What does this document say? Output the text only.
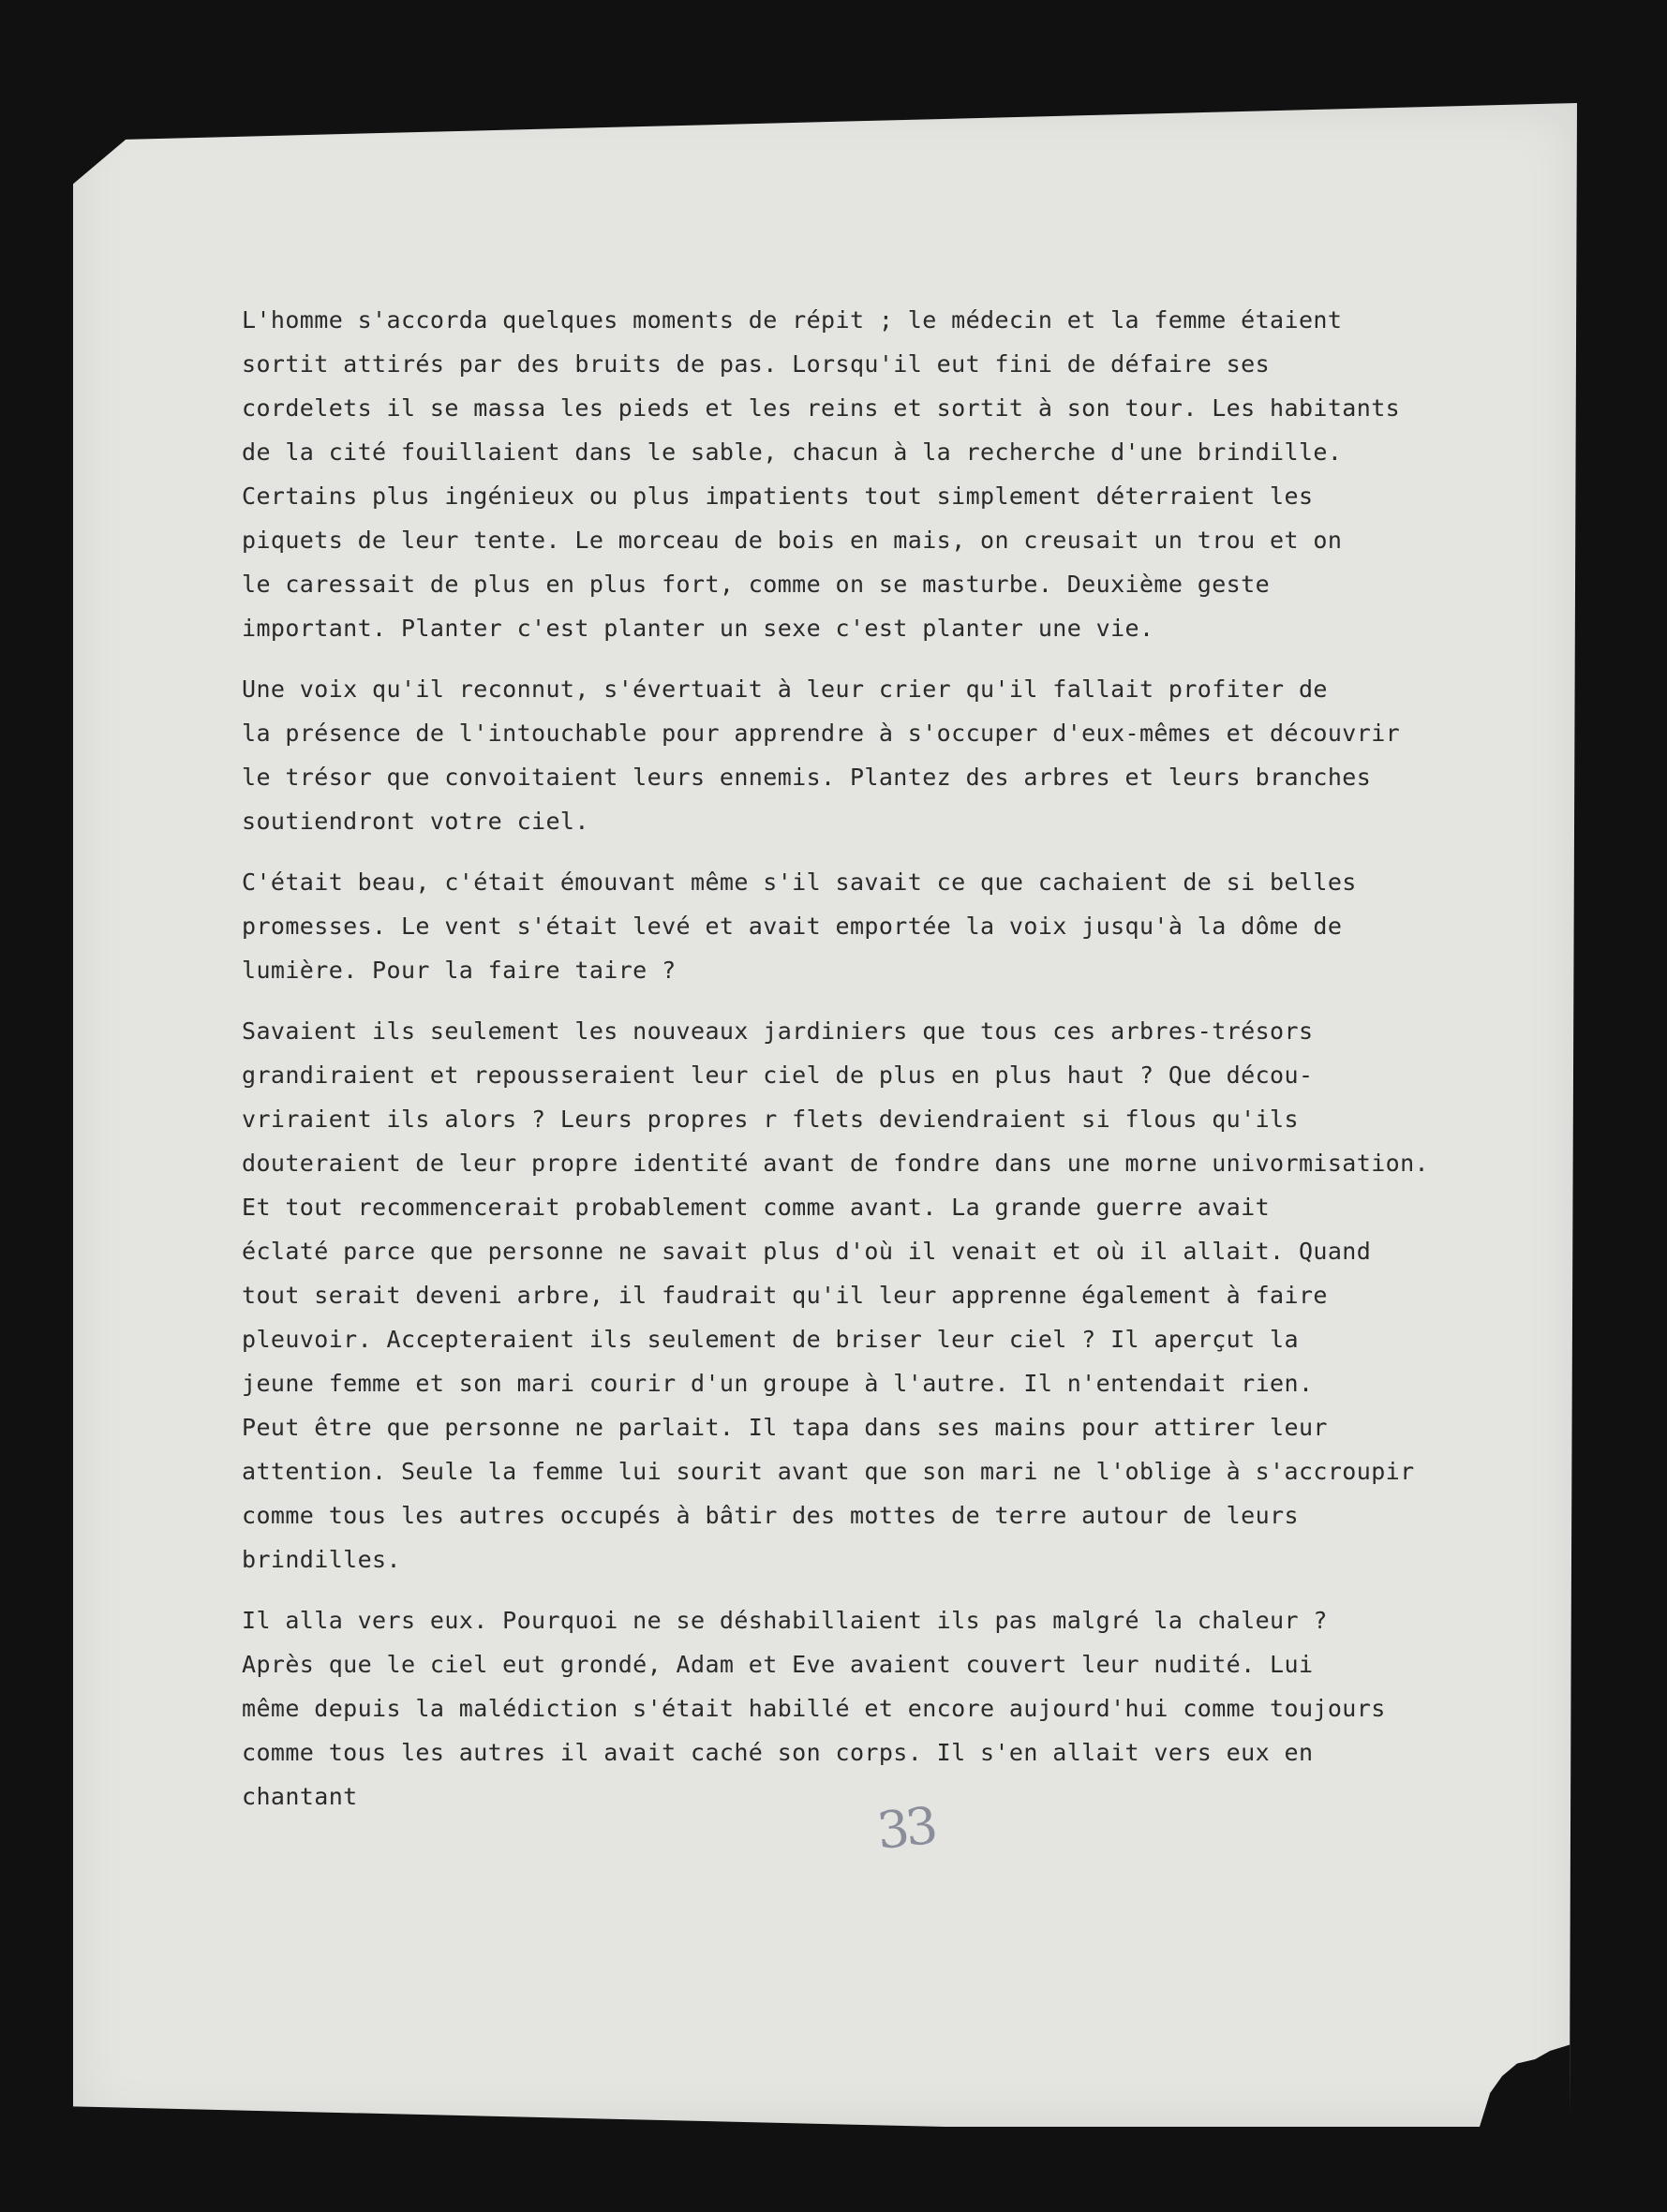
L'homme s'accorda quelques moments de répit ; le médecin et la femme étaient
sortit attirés par des bruits de pas. Lorsqu'il eut fini de défaire ses
cordelets il se massa les pieds et les reins et sortit à son tour. Les habitants
de la cité fouillaient dans le sable, chacun à la recherche d'une brindille.
Certains plus ingénieux ou plus impatients tout simplement déterraient les
piquets de leur tente. Le morceau de bois en mais, on creusait un trou et on
le caressait de plus en plus fort, comme on se masturbe. Deuxième geste
important. Planter c'est planter un sexe c'est planter une vie.
Une voix qu'il reconnut, s'évertuait à leur crier qu'il fallait profiter de
la présence de l'intouchable pour apprendre à s'occuper d'eux-mêmes et découvrir
le trésor que convoitaient leurs ennemis. Plantez des arbres et leurs branches
soutiendront votre ciel.
C'était beau, c'était émouvant même s'il savait ce que cachaient de si belles
promesses. Le vent s'était levé et avait emportée la voix jusqu'à la dôme de
lumière. Pour la faire taire ?
Savaient ils seulement les nouveaux jardiniers que tous ces arbres-trésors
grandiraient et repousseraient leur ciel de plus en plus haut ? Que décou-
vriraient ils alors ? Leurs propres r flets deviendraient si flous qu'ils
douteraient de leur propre identité avant de fondre dans une morne univormisation.
Et tout recommencerait probablement comme avant. La grande guerre avait
éclaté parce que personne ne savait plus d'où il venait et où il allait. Quand
tout serait deveni arbre, il faudrait qu'il leur apprenne également à faire
pleuvoir. Accepteraient ils seulement de briser leur ciel ? Il aperçut la
jeune femme et son mari courir d'un groupe à l'autre. Il n'entendait rien.
Peut être que personne ne parlait. Il tapa dans ses mains pour attirer leur
attention. Seule la femme lui sourit avant que son mari ne l'oblige à s'accroupir
comme tous les autres occupés à bâtir des mottes de terre autour de leurs
brindilles.
Il alla vers eux. Pourquoi ne se déshabillaient ils pas malgré la chaleur ?
Après que le ciel eut grondé, Adam et Eve avaient couvert leur nudité. Lui
même depuis la malédiction s'était habillé et encore aujourd'hui comme toujours
comme tous les autres il avait caché son corps. Il s'en allait vers eux en
chantant	33
